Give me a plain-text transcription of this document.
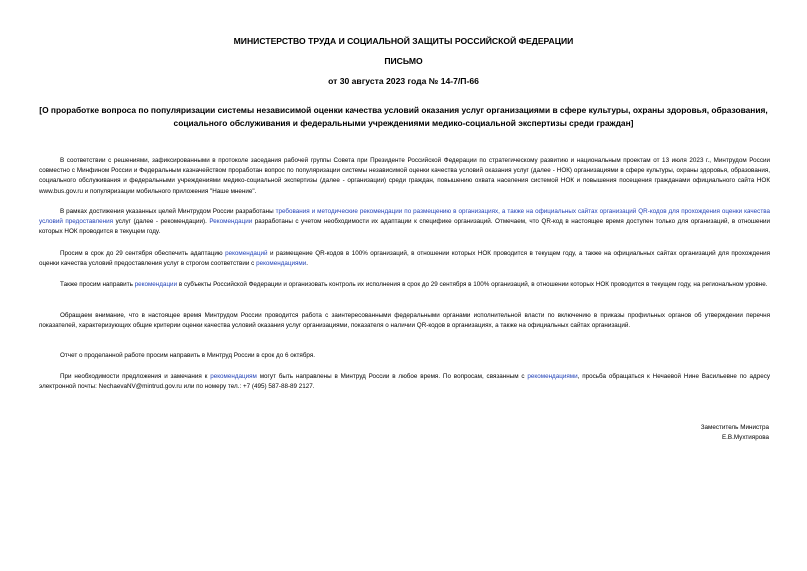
МИНИСТЕРСТВО ТРУДА И СОЦИАЛЬНОЙ ЗАЩИТЫ РОССИЙСКОЙ ФЕДЕРАЦИИ
ПИСЬМО
от 30 августа 2023 года № 14-7/П-66
[О проработке вопроса по популяризации системы независимой оценки качества условий оказания услуг организациями в сфере культуры, охраны здоровья, образования, социального обслуживания и федеральными учреждениями медико-социальной экспертизы среди граждан]

В соответствии с решениями, зафиксированными в протоколе заседания рабочей группы Совета при Президенте Российской Федерации по стратегическому развитию и национальным проектам от 13 июля 2023 г., Минтрудом России совместно с Минфином России и Федеральным казначейством проработан вопрос по популяризации системы независимой оценки качества условий оказания услуг (далее - НОК) организациями в сфере культуры, охраны здоровья, образования, социального обслуживания и федеральными учреждениями медико-социальной экспертизы (далее - организации) среди граждан, повышению охвата населения системой НОК и повышения посещения гражданами официального сайта НОК www.bus.gov.ru и популяризации мобильного приложения "Наше мнение".

В рамках достижения указанных целей Минтрудом России разработаны требования и методические рекомендации по размещению в организациях, а также на официальных сайтах организаций QR-кодов для прохождения оценки качества условий предоставления услуг (далее - рекомендации). Рекомендации разработаны с учетом необходимости их адаптации к специфике организаций. Отмечаем, что QR-код в настоящее время доступен только для организаций, в отношении которых НОК проводится в текущем году.

Просим в срок до 29 сентября обеспечить адаптацию рекомендаций и размещение QR-кодов в 100% организаций, в отношении которых НОК проводится в текущем году, а также на официальных сайтах организаций для прохождения оценки качества условий предоставления услуг в строгом соответствии с рекомендациями.

Также просим направить рекомендации в субъекты Российской Федерации и организовать контроль их исполнения в срок до 29 сентября в 100% организаций, в отношении которых НОК проводится в текущем году, на региональном уровне.

Обращаем внимание, что в настоящее время Минтрудом России проводится работа с заинтересованными федеральными органами исполнительной власти по включению в приказы профильных органов об утверждении перечня показателей, характеризующих общие критерии оценки качества условий оказания услуг организациями, показателя о наличии QR-кодов в организациях, а также на официальных сайтах организаций.

Отчет о проделанной работе просим направить в Минтруд России в срок до 6 октября.

При необходимости предложения и замечания к рекомендациям могут быть направлены в Минтруд России в любое время. По вопросам, связанным с рекомендациями, просьба обращаться к Нечаевой Нине Васильевне по адресу электронной почты: NechaevaNV@mintrud.gov.ru или по номеру тел.: +7 (495) 587-88-89 2127.

Заместитель Министра
Е.В.Мухтиярова
